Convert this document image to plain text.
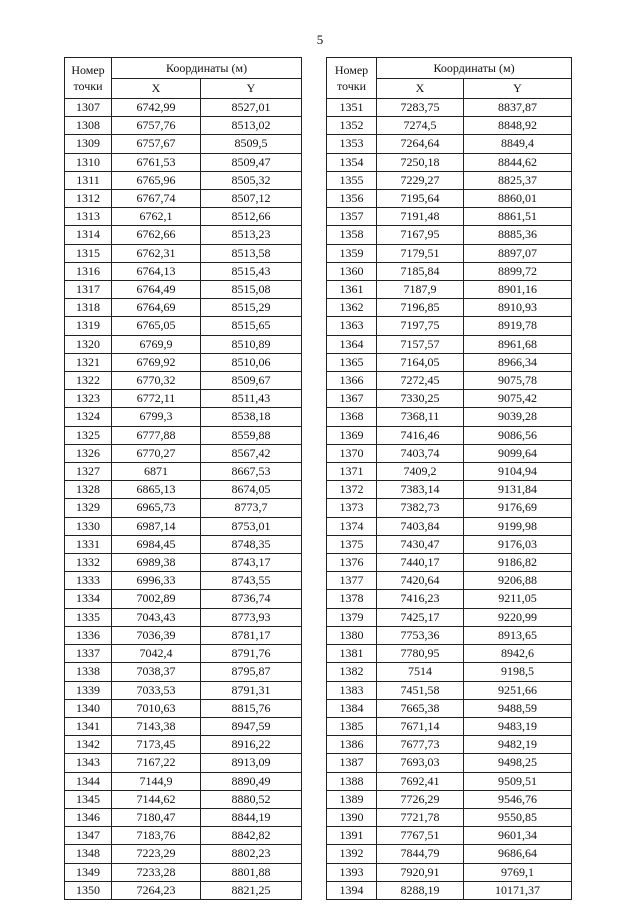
5
Номер
точки	Координаты (м)	
	X	Y
1307	6742,99	8527,01
1308	6757,76	8513,02
1309	6757,67	8509,5
1310	6761,53	8509,47
1311	6765,96	8505,32
1312	6767,74	8507,12
1313	6762,1	8512,66
1314	6762,66	8513,23
1315	6762,31	8513,58
1316	6764,13	8515,43
1317	6764,49	8515,08
1318	6764,69	8515,29
1319	6765,05	8515,65
1320	6769,9	8510,89
1321	6769,92	8510,06
1322	6770,32	8509,67
1323	6772,11	8511,43
1324	6799,3	8538,18
1325	6777,88	8559,88
1326	6770,27	8567,42
1327	6871	8667,53
1328	6865,13	8674,05
1329	6965,73	8773,7
1330	6987,14	8753,01
1331	6984,45	8748,35
1332	6989,38	8743,17
1333	6996,33	8743,55
1334	7002,89	8736,74
1335	7043,43	8773,93
1336	7036,39	8781,17
1337	7042,4	8791,76
1338	7038,37	8795,87
1339	7033,53	8791,31
1340	7010,63	8815,76
1341	7143,38	8947,59
1342	7173,45	8916,22
1343	7167,22	8913,09
1344	7144,9	8890,49
1345	7144,62	8880,52
1346	7180,47	8844,19
1347	7183,76	8842,82
1348	7223,29	8802,23
1349	7233,28	8801,88
1350	7264,23	8821,25
Номер
точки	Координаты (м)	
	X	Y
1351	7283,75	8837,87
1352	7274,5	8848,92
1353	7264,64	8849,4
1354	7250,18	8844,62
1355	7229,27	8825,37
1356	7195,64	8860,01
1357	7191,48	8861,51
1358	7167,95	8885,36
1359	7179,51	8897,07
1360	7185,84	8899,72
1361	7187,9	8901,16
1362	7196,85	8910,93
1363	7197,75	8919,78
1364	7157,57	8961,68
1365	7164,05	8966,34
1366	7272,45	9075,78
1367	7330,25	9075,42
1368	7368,11	9039,28
1369	7416,46	9086,56
1370	7403,74	9099,64
1371	7409,2	9104,94
1372	7383,14	9131,84
1373	7382,73	9176,69
1374	7403,84	9199,98
1375	7430,47	9176,03
1376	7440,17	9186,82
1377	7420,64	9206,88
1378	7416,23	9211,05
1379	7425,17	9220,99
1380	7753,36	8913,65
1381	7780,95	8942,6
1382	7514	9198,5
1383	7451,58	9251,66
1384	7665,38	9488,59
1385	7671,14	9483,19
1386	7677,73	9482,19
1387	7693,03	9498,25
1388	7692,41	9509,51
1389	7726,29	9546,76
1390	7721,78	9550,85
1391	7767,51	9601,34
1392	7844,79	9686,64
1393	7920,91	9769,1
1394	8288,19	10171,37
